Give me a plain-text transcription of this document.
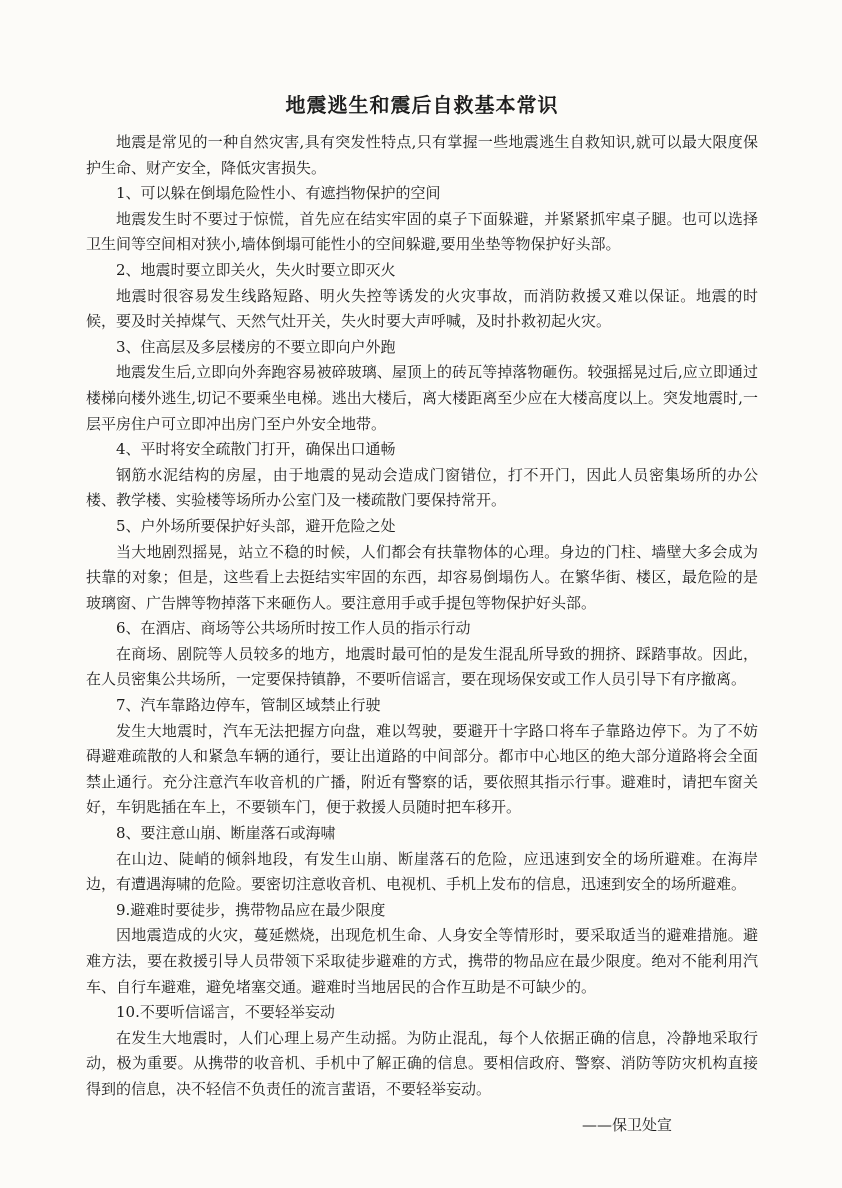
地震逃生和震后自救基本常识

地震是常见的一种自然灾害,具有突发性特点,只有掌握一些地震逃生自救知识,就可以最大限度保护生命、财产安全，降低灾害损失。

1、可以躲在倒塌危险性小、有遮挡物保护的空间

地震发生时不要过于惊慌，首先应在结实牢固的桌子下面躲避，并紧紧抓牢桌子腿。也可以选择卫生间等空间相对狭小,墙体倒塌可能性小的空间躲避,要用坐垫等物保护好头部。

2、地震时要立即关火，失火时要立即灭火

地震时很容易发生线路短路、明火失控等诱发的火灾事故，而消防救援又难以保证。地震的时候，要及时关掉煤气、天然气灶开关，失火时要大声呼喊，及时扑救初起火灾。

3、住高层及多层楼房的不要立即向户外跑

地震发生后,立即向外奔跑容易被碎玻璃、屋顶上的砖瓦等掉落物砸伤。较强摇晃过后,应立即通过楼梯向楼外逃生,切记不要乘坐电梯。逃出大楼后，离大楼距离至少应在大楼高度以上。突发地震时,一层平房住户可立即冲出房门至户外安全地带。

4、平时将安全疏散门打开，确保出口通畅

钢筋水泥结构的房屋，由于地震的晃动会造成门窗错位，打不开门，因此人员密集场所的办公楼、教学楼、实验楼等场所办公室门及一楼疏散门要保持常开。

5、户外场所要保护好头部，避开危险之处

当大地剧烈摇晃，站立不稳的时候，人们都会有扶靠物体的心理。身边的门柱、墙壁大多会成为扶靠的对象；但是，这些看上去挺结实牢固的东西，却容易倒塌伤人。在繁华街、楼区，最危险的是玻璃窗、广告牌等物掉落下来砸伤人。要注意用手或手提包等物保护好头部。

6、在酒店、商场等公共场所时按工作人员的指示行动

在商场、剧院等人员较多的地方，地震时最可怕的是发生混乱所导致的拥挤、踩踏事故。因此，在人员密集公共场所，一定要保持镇静，不要听信谣言，要在现场保安或工作人员引导下有序撤离。

7、汽车靠路边停车，管制区域禁止行驶

发生大地震时，汽车无法把握方向盘，难以驾驶，要避开十字路口将车子靠路边停下。为了不妨碍避难疏散的人和紧急车辆的通行，要让出道路的中间部分。都市中心地区的绝大部分道路将会全面禁止通行。充分注意汽车收音机的广播，附近有警察的话，要依照其指示行事。避难时，请把车窗关好，车钥匙插在车上，不要锁车门，便于救援人员随时把车移开。

8、要注意山崩、断崖落石或海啸

在山边、陡峭的倾斜地段，有发生山崩、断崖落石的危险，应迅速到安全的场所避难。在海岸边，有遭遇海啸的危险。要密切注意收音机、电视机、手机上发布的信息，迅速到安全的场所避难。

9.避难时要徒步，携带物品应在最少限度

因地震造成的火灾，蔓延燃烧，出现危机生命、人身安全等情形时，要采取适当的避难措施。避难方法，要在救援引导人员带领下采取徒步避难的方式，携带的物品应在最少限度。绝对不能利用汽车、自行车避难，避免堵塞交通。避难时当地居民的合作互助是不可缺少的。

10.不要听信谣言，不要轻举妄动

在发生大地震时，人们心理上易产生动摇。为防止混乱，每个人依据正确的信息，冷静地采取行动，极为重要。从携带的收音机、手机中了解正确的信息。要相信政府、警察、消防等防灾机构直接得到的信息，决不轻信不负责任的流言蜚语，不要轻举妄动。

——保卫处宣
